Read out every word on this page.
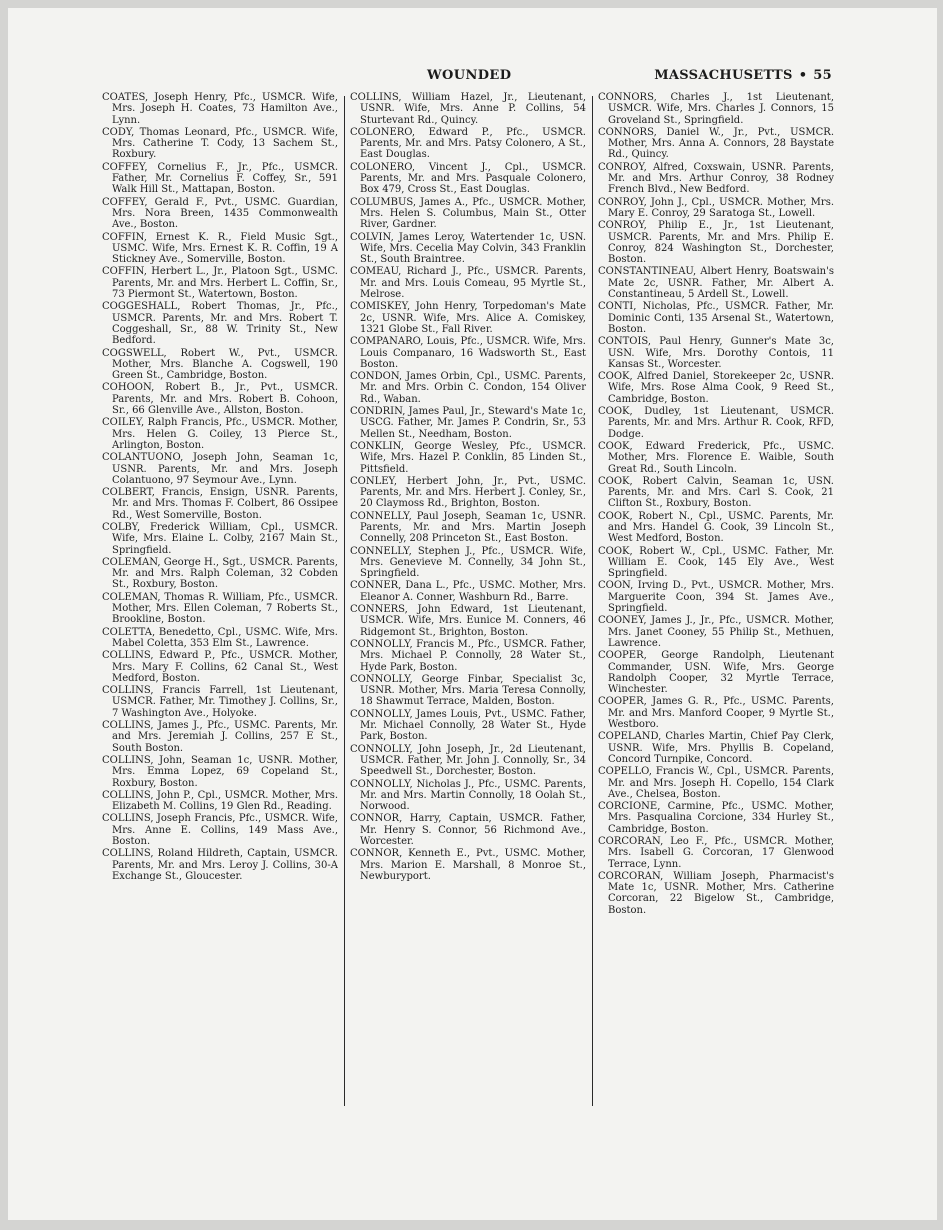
WOUNDED	MASSACHUSETTS • 55

COATES, Joseph Henry, Pfc., USMCR. Wife, Mrs. Joseph H. Coates, 73 Hamilton Ave., Lynn.

CODY, Thomas Leonard, Pfc., USMCR. Wife, Mrs. Catherine T. Cody, 13 Sachem St., Roxbury.

COFFEY, Cornelius F., Jr., Pfc., USMCR. Father, Mr. Cornelius F. Coffey, Sr., 591 Walk Hill St., Mattapan, Boston.

COFFEY, Gerald F., Pvt., USMC. Guardian, Mrs. Nora Breen, 1435 Commonwealth Ave., Boston.

COFFIN, Ernest K. R., Field Music Sgt., USMC. Wife, Mrs. Ernest K. R. Coffin, 19 A Stickney Ave., Somerville, Boston.

COFFIN, Herbert L., Jr., Platoon Sgt., USMC. Parents, Mr. and Mrs. Herbert L. Coffin, Sr., 73 Piermont St., Watertown, Boston.

COGGESHALL, Robert Thomas, Jr., Pfc., USMCR. Parents, Mr. and Mrs. Robert T. Coggeshall, Sr., 88 W. Trinity St., New Bedford.

COGSWELL, Robert W., Pvt., USMCR. Mother, Mrs. Blanche A. Cogswell, 190 Green St., Cambridge, Boston.

COHOON, Robert B., Jr., Pvt., USMCR. Parents, Mr. and Mrs. Robert B. Cohoon, Sr., 66 Glenville Ave., Allston, Boston.

COILEY, Ralph Francis, Pfc., USMCR. Mother, Mrs. Helen G. Coiley, 13 Pierce St., Arlington, Boston.

COLANTUONO, Joseph John, Seaman 1c, USNR. Parents, Mr. and Mrs. Joseph Colantuono, 97 Seymour Ave., Lynn.

COLBERT, Francis, Ensign, USNR. Parents, Mr. and Mrs. Thomas F. Colbert, 86 Ossipee Rd., West Somerville, Boston.

COLBY, Frederick William, Cpl., USMCR. Wife, Mrs. Elaine L. Colby, 2167 Main St., Springfield.

COLEMAN, George H., Sgt., USMCR. Parents, Mr. and Mrs. Ralph Coleman, 32 Cobden St., Roxbury, Boston.

COLEMAN, Thomas R. William, Pfc., USMCR. Mother, Mrs. Ellen Coleman, 7 Roberts St., Brookline, Boston.

COLETTA, Benedetto, Cpl., USMC. Wife, Mrs. Mabel Coletta, 353 Elm St., Lawrence.

COLLINS, Edward P., Pfc., USMCR. Mother, Mrs. Mary F. Collins, 62 Canal St., West Medford, Boston.

COLLINS, Francis Farrell, 1st Lieutenant, USMCR. Father, Mr. Timothey J. Collins, Sr., 7 Washington Ave., Holyoke.

COLLINS, James J., Pfc., USMC. Parents, Mr. and Mrs. Jeremiah J. Collins, 257 E St., South Boston.

COLLINS, John, Seaman 1c, USNR. Mother, Mrs. Emma Lopez, 69 Copeland St., Roxbury, Boston.

COLLINS, John P., Cpl., USMCR. Mother, Mrs. Elizabeth M. Collins, 19 Glen Rd., Reading.

COLLINS, Joseph Francis, Pfc., USMCR. Wife, Mrs. Anne E. Collins, 149 Mass Ave., Boston.

COLLINS, Roland Hildreth, Captain, USMCR. Parents, Mr. and Mrs. Leroy J. Collins, 30-A Exchange St., Gloucester.

COLLINS, William Hazel, Jr., Lieutenant, USNR. Wife, Mrs. Anne P. Collins, 54 Sturtevant Rd., Quincy.

COLONERO, Edward P., Pfc., USMCR. Parents, Mr. and Mrs. Patsy Colonero, A St., East Douglas.

COLONERO, Vincent J., Cpl., USMCR. Parents, Mr. and Mrs. Pasquale Colonero, Box 479, Cross St., East Douglas.

COLUMBUS, James A., Pfc., USMCR. Mother, Mrs. Helen S. Columbus, Main St., Otter River, Gardner.

COLVIN, James Leroy, Watertender 1c, USN. Wife, Mrs. Cecelia May Colvin, 343 Franklin St., South Braintree.

COMEAU, Richard J., Pfc., USMCR. Parents, Mr. and Mrs. Louis Comeau, 95 Myrtle St., Melrose.

COMISKEY, John Henry, Torpedoman's Mate 2c, USNR. Wife, Mrs. Alice A. Comiskey, 1321 Globe St., Fall River.

COMPANARO, Louis, Pfc., USMCR. Wife, Mrs. Louis Companaro, 16 Wadsworth St., East Boston.

CONDON, James Orbin, Cpl., USMC. Parents, Mr. and Mrs. Orbin C. Condon, 154 Oliver Rd., Waban.

CONDRIN, James Paul, Jr., Steward's Mate 1c, USCG. Father, Mr. James P. Condrin, Sr., 53 Mellen St., Needham, Boston.

CONKLIN, George Wesley, Pfc., USMCR. Wife, Mrs. Hazel P. Conklin, 85 Linden St., Pittsfield.

CONLEY, Herbert John, Jr., Pvt., USMC. Parents, Mr. and Mrs. Herbert J. Conley, Sr., 20 Claymoss Rd., Brighton, Boston.

CONNELLY, Paul Joseph, Seaman 1c, USNR. Parents, Mr. and Mrs. Martin Joseph Connelly, 208 Princeton St., East Boston.

CONNELLY, Stephen J., Pfc., USMCR. Wife, Mrs. Genevieve M. Connelly, 34 John St., Springfield.

CONNER, Dana L., Pfc., USMC. Mother, Mrs. Eleanor A. Conner, Washburn Rd., Barre.

CONNERS, John Edward, 1st Lieutenant, USMCR. Wife, Mrs. Eunice M. Conners, 46 Ridgemont St., Brighton, Boston.

CONNOLLY, Francis M., Pfc., USMCR. Father, Mrs. Michael P. Connolly, 28 Water St., Hyde Park, Boston.

CONNOLLY, George Finbar, Specialist 3c, USNR. Mother, Mrs. Maria Teresa Connolly, 18 Shawmut Terrace, Malden, Boston.

CONNOLLY, James Louis, Pvt., USMC. Father, Mr. Michael Connolly, 28 Water St., Hyde Park, Boston.

CONNOLLY, John Joseph, Jr., 2d Lieutenant, USMCR. Father, Mr. John J. Connolly, Sr., 34 Speedwell St., Dorchester, Boston.

CONNOLLY, Nicholas J., Pfc., USMC. Parents, Mr. and Mrs. Martin Connolly, 18 Oolah St., Norwood.

CONNOR, Harry, Captain, USMCR. Father, Mr. Henry S. Connor, 56 Richmond Ave., Worcester.

CONNOR, Kenneth E., Pvt., USMC. Mother, Mrs. Marion E. Marshall, 8 Monroe St., Newburyport.

CONNORS, Charles J., 1st Lieutenant, USMCR. Wife, Mrs. Charles J. Connors, 15 Groveland St., Springfield.

CONNORS, Daniel W., Jr., Pvt., USMCR. Mother, Mrs. Anna A. Connors, 28 Baystate Rd., Quincy.

CONROY, Alfred, Coxswain, USNR. Parents, Mr. and Mrs. Arthur Conroy, 38 Rodney French Blvd., New Bedford.

CONROY, John J., Cpl., USMCR. Mother, Mrs. Mary E. Conroy, 29 Saratoga St., Lowell.

CONROY, Philip E., Jr., 1st Lieutenant, USMCR. Parents, Mr. and Mrs. Philip E. Conroy, 824 Washington St., Dorchester, Boston.

CONSTANTINEAU, Albert Henry, Boatswain's Mate 2c, USNR. Father, Mr. Albert A. Constantineau, 5 Ardell St., Lowell.

CONTI, Nicholas, Pfc., USMCR. Father, Mr. Dominic Conti, 135 Arsenal St., Watertown, Boston.

CONTOIS, Paul Henry, Gunner's Mate 3c, USN. Wife, Mrs. Dorothy Contois, 11 Kansas St., Worcester.

COOK, Alfred Daniel, Storekeeper 2c, USNR. Wife, Mrs. Rose Alma Cook, 9 Reed St., Cambridge, Boston.

COOK, Dudley, 1st Lieutenant, USMCR. Parents, Mr. and Mrs. Arthur R. Cook, RFD, Dodge.

COOK, Edward Frederick, Pfc., USMC. Mother, Mrs. Florence E. Waible, South Great Rd., South Lincoln.

COOK, Robert Calvin, Seaman 1c, USN. Parents, Mr. and Mrs. Carl S. Cook, 21 Clifton St., Roxbury, Boston.

COOK, Robert N., Cpl., USMC. Parents, Mr. and Mrs. Handel G. Cook, 39 Lincoln St., West Medford, Boston.

COOK, Robert W., Cpl., USMC. Father, Mr. William E. Cook, 145 Ely Ave., West Springfield.

COON, Irving D., Pvt., USMCR. Mother, Mrs. Marguerite Coon, 394 St. James Ave., Springfield.

COONEY, James J., Jr., Pfc., USMCR. Mother, Mrs. Janet Cooney, 55 Philip St., Methuen, Lawrence.

COOPER, George Randolph, Lieutenant Commander, USN. Wife, Mrs. George Randolph Cooper, 32 Myrtle Terrace, Winchester.

COOPER, James G. R., Pfc., USMC. Parents, Mr. and Mrs. Manford Cooper, 9 Myrtle St., Westboro.

COPELAND, Charles Martin, Chief Pay Clerk, USNR. Wife, Mrs. Phyllis B. Copeland, Concord Turnpike, Concord.

COPELLO, Francis W., Cpl., USMCR. Parents, Mr. and Mrs. Joseph H. Copello, 154 Clark Ave., Chelsea, Boston.

CORCIONE, Carmine, Pfc., USMC. Mother, Mrs. Pasqualina Corcione, 334 Hurley St., Cambridge, Boston.

CORCORAN, Leo F., Pfc., USMCR. Mother, Mrs. Isabell G. Corcoran, 17 Glenwood Terrace, Lynn.

CORCORAN, William Joseph, Pharmacist's Mate 1c, USNR. Mother, Mrs. Catherine Corcoran, 22 Bigelow St., Cambridge, Boston.
